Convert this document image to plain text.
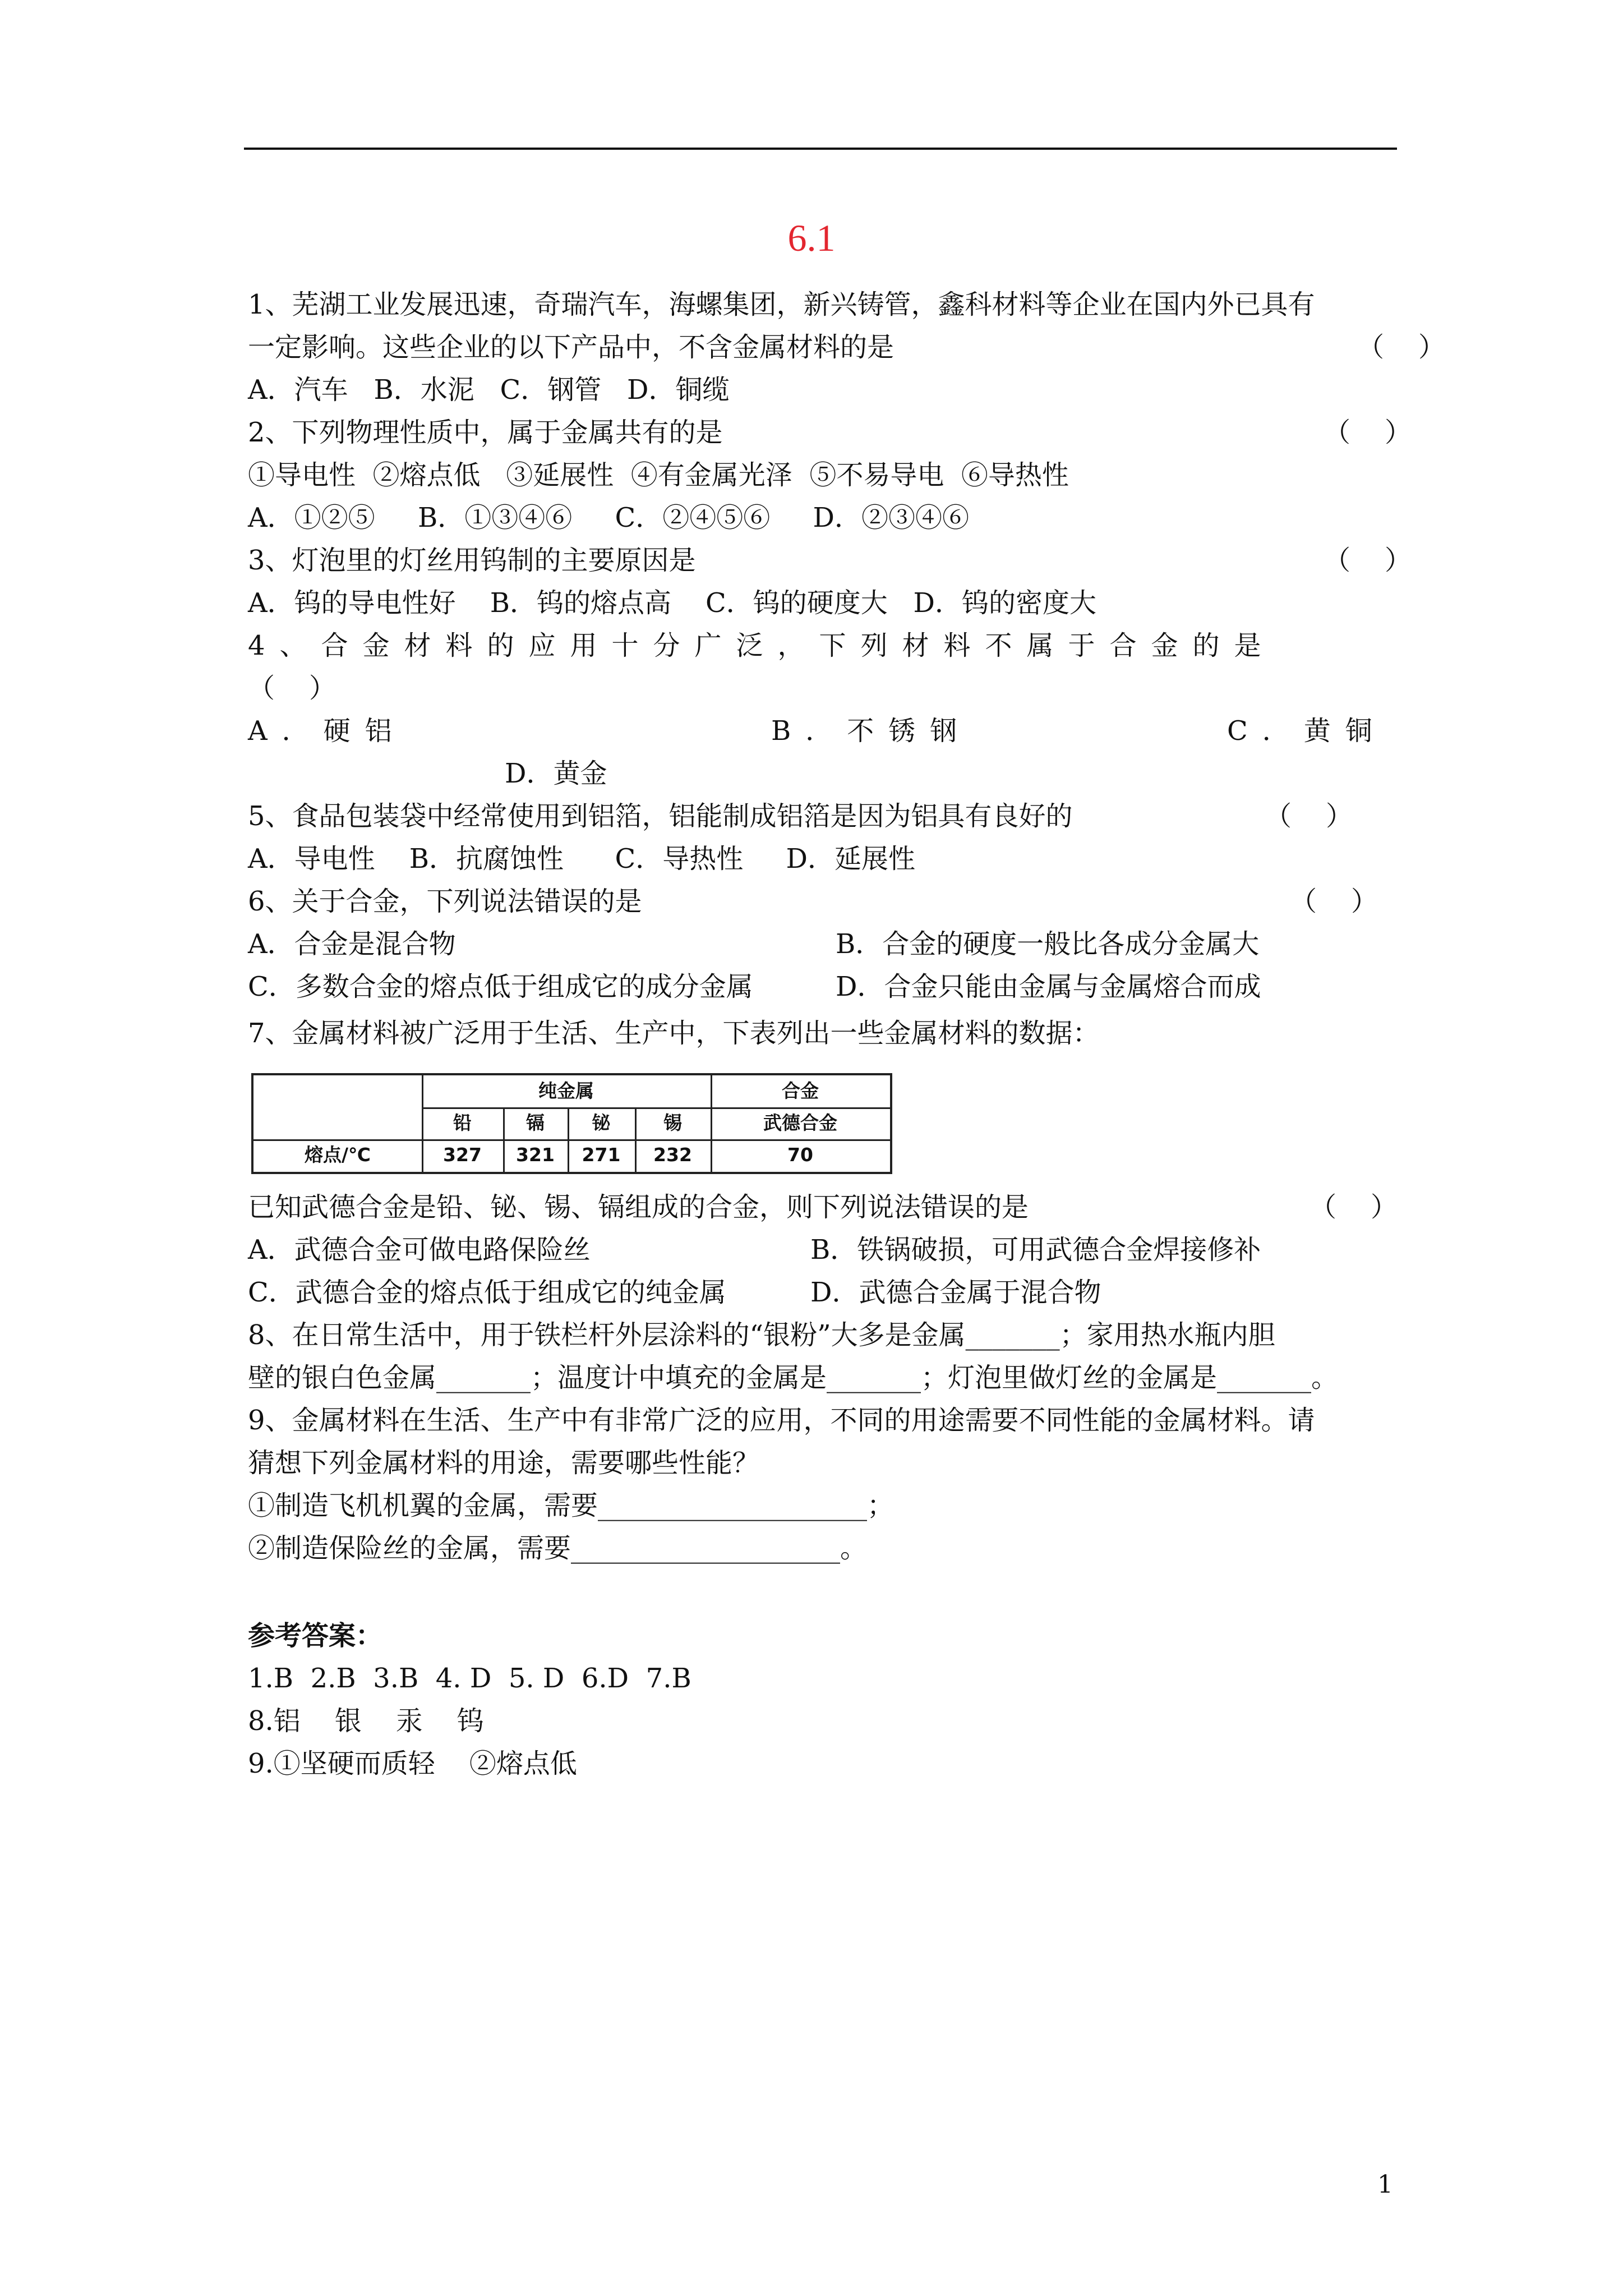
6.1
1、芜湖工业发展迅速，奇瑞汽车，海螺集团，新兴铸管，鑫科材料等企业在国内外已具有
一定影响。这些企业的以下产品中，不含金属材料的是	（    ）
A．汽车   B．水泥   C．钢管   D．铜缆
2、下列物理性质中，属于金属共有的是	（    ）
①导电性  ②熔点低   ③延展性  ④有金属光泽  ⑤不易导电  ⑥导热性
A．①②⑤     B．①③④⑥     C．②④⑤⑥     D．②③④⑥
3、灯泡里的灯丝用钨制的主要原因是	（    ）
A．钨的导电性好    B．钨的熔点高    C．钨的硬度大   D．钨的密度大
4、合金材料的应用十分广泛，下列材料不属于合金的是
（    ）
A．硬铝	B．不锈钢	C．黄铜
D．黄金
5、食品包装袋中经常使用到铝箔，铝能制成铝箔是因为铝具有良好的	（    ）
A．导电性    B．抗腐蚀性      C．导热性     D．延展性
6、关于合金，下列说法错误的是	（    ）
A．合金是混合物	B．合金的硬度一般比各成分金属大
C．多数合金的熔点低于组成它的成分金属	D．合金只能由金属与金属熔合而成
7、金属材料被广泛用于生活、生产中，下表列出一些金属材料的数据：
纯金属	合金
铅	镉	铋	锡	武德合金
熔点/℃	327	321	271	232	70
已知武德合金是铅、铋、锡、镉组成的合金，则下列说法错误的是	（    ）
A．武德合金可做电路保险丝	B．铁锅破损，可用武德合金焊接修补
C．武德合金的熔点低于组成它的纯金属	D．武德合金属于混合物
8、在日常生活中，用于铁栏杆外层涂料的“银粉”大多是金属_______；家用热水瓶内胆
壁的银白色金属_______；温度计中填充的金属是_______；灯泡里做灯丝的金属是_______。
9、金属材料在生活、生产中有非常广泛的应用，不同的用途需要不同性能的金属材料。请
猜想下列金属材料的用途，需要哪些性能？
①制造飞机机翼的金属，需要____________________；
②制造保险丝的金属，需要____________________。
参考答案：
1.B  2.B  3.B  4. D  5. D  6.D  7.B
8.铝    银    汞    钨
9.①坚硬而质轻    ②熔点低
1
